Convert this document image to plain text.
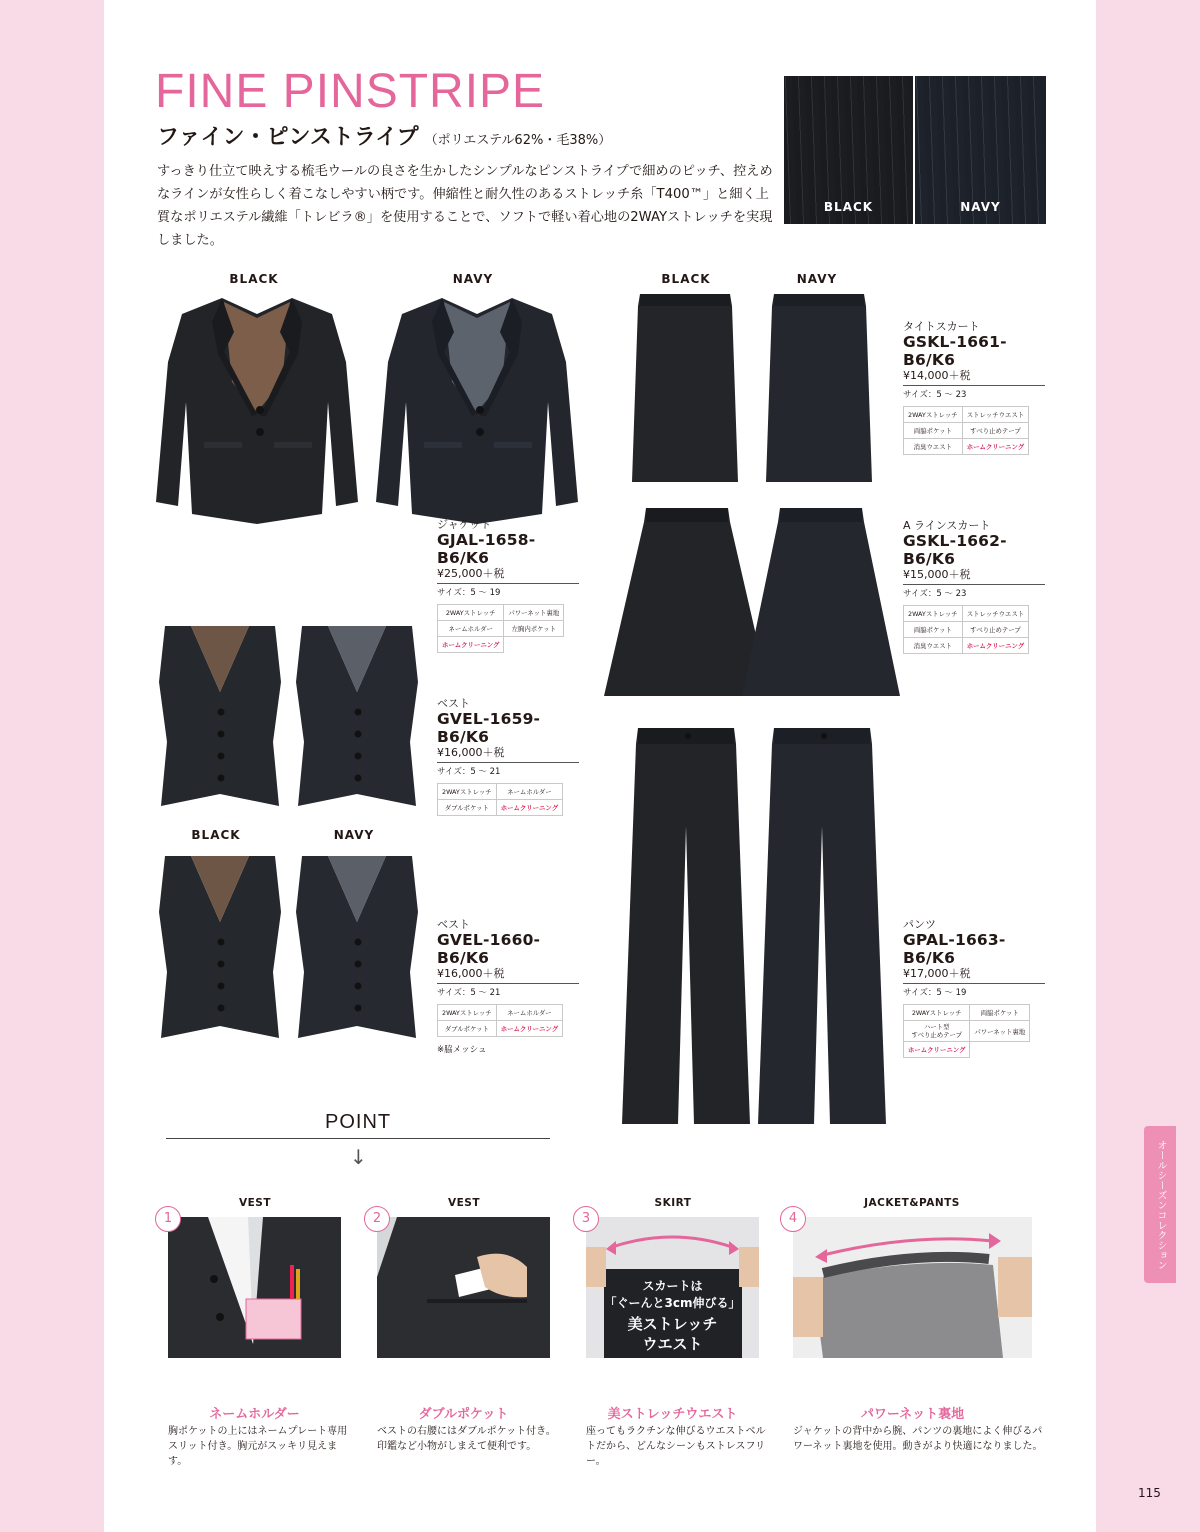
FINE PINSTRIPE
ファイン・ピンストライプ （ポリエステル62%・毛38%）
すっきり仕立て映えする梳毛ウールの良さを生かしたシンプルなピンストライプで細めのピッチ、控えめなラインが女性らしく着こなしやすい柄です。伸縮性と耐久性のあるストレッチ糸「T400™」と細く上質なポリエステル繊維「トレビラ®」を使用することで、ソフトで軽い着心地の2WAYストレッチを実現しました。
BLACK	NAVY
BLACK	NAVY	BLACK	NAVY
BLACK	NAVY
ジャケット
GJAL-1658-B6/K6
¥25,000＋税
サイズ：5 〜 19
2WAYストレッチ	パワーネット裏地
ネームホルダー	左胸内ポケット
ホームクリーニング	
ベスト
GVEL-1659-B6/K6
¥16,000＋税
サイズ：5 〜 21
2WAYストレッチ	ネームホルダー
ダブルポケット	ホームクリーニング
ベスト
GVEL-1660-B6/K6
¥16,000＋税
サイズ：5 〜 21
2WAYストレッチ	ネームホルダー
ダブルポケット	ホームクリーニング
※脇メッシュ
タイトスカート
GSKL-1661-B6/K6
¥14,000＋税
サイズ：5 〜 23
2WAYストレッチ	ストレッチウエスト
両脇ポケット	すべり止めテープ
消臭ウエスト	ホームクリーニング
A ラインスカート
GSKL-1662-B6/K6
¥15,000＋税
サイズ：5 〜 23
2WAYストレッチ	ストレッチウエスト
両脇ポケット	すべり止めテープ
消臭ウエスト	ホームクリーニング
パンツ
GPAL-1663-B6/K6
¥17,000＋税
サイズ：5 〜 19
2WAYストレッチ	両脇ポケット
ハート型
すべり止めテープ	パワーネット裏地
ホームクリーニング	
POINT
↓
VEST
1
ネームホルダー
胸ポケットの上にはネームプレート専用スリット付き。胸元がスッキリ見えます。
VEST
2
ダブルポケット
ベストの右腰にはダブルポケット付き。印鑑など小物がしまえて便利です。
SKIRT
スカートは
「ぐーんと3cm伸びる」
美ストレッチ
ウエスト
3
美ストレッチウエスト
座ってもラクチンな伸びるウエストベルトだから、どんなシーンもストレスフリー。
JACKET&PANTS
4
パワーネット裏地
ジャケットの背中から腕、パンツの裏地によく伸びるパワーネット裏地を使用。動きがより快適になりました。
オールシーズンコレクション
115
